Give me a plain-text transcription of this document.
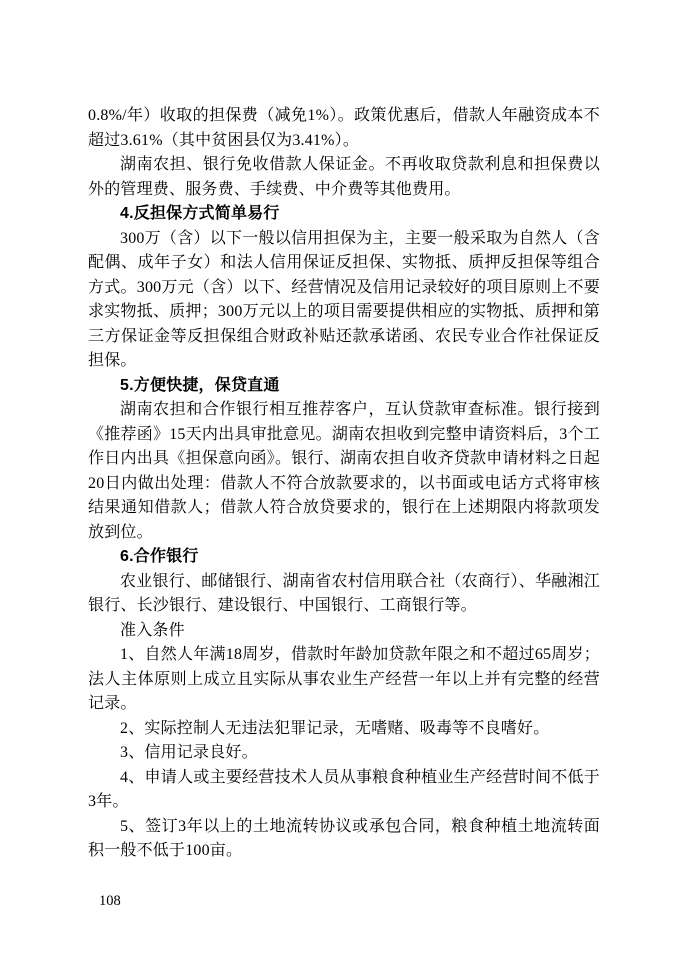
0.8%/年）收取的担保费（减免1%）。政策优惠后，借款人年融资成本不超过3.61%（其中贫困县仅为3.41%）。

湖南农担、银行免收借款人保证金。不再收取贷款利息和担保费以外的管理费、服务费、手续费、中介费等其他费用。

4.反担保方式简单易行

300万（含）以下一般以信用担保为主，主要一般采取为自然人（含配偶、成年子女）和法人信用保证反担保、实物抵、质押反担保等组合方式。300万元（含）以下、经营情况及信用记录较好的项目原则上不要求实物抵、质押；300万元以上的项目需要提供相应的实物抵、质押和第三方保证金等反担保组合财政补贴还款承诺函、农民专业合作社保证反担保。

5.方便快捷，保贷直通

湖南农担和合作银行相互推荐客户，互认贷款审查标准。银行接到《推荐函》15天内出具审批意见。湖南农担收到完整申请资料后，3个工作日内出具《担保意向函》。银行、湖南农担自收齐贷款申请材料之日起20日内做出处理：借款人不符合放款要求的，以书面或电话方式将审核结果通知借款人；借款人符合放贷要求的，银行在上述期限内将款项发放到位。

6.合作银行

农业银行、邮储银行、湖南省农村信用联合社（农商行）、华融湘江银行、长沙银行、建设银行、中国银行、工商银行等。

准入条件

1、自然人年满18周岁，借款时年龄加贷款年限之和不超过65周岁；法人主体原则上成立且实际从事农业生产经营一年以上并有完整的经营记录。

2、实际控制人无违法犯罪记录，无嗜赌、吸毒等不良嗜好。

3、信用记录良好。

4、申请人或主要经营技术人员从事粮食种植业生产经营时间不低于3年。

5、签订3年以上的土地流转协议或承包合同，粮食种植土地流转面积一般不低于100亩。

108
